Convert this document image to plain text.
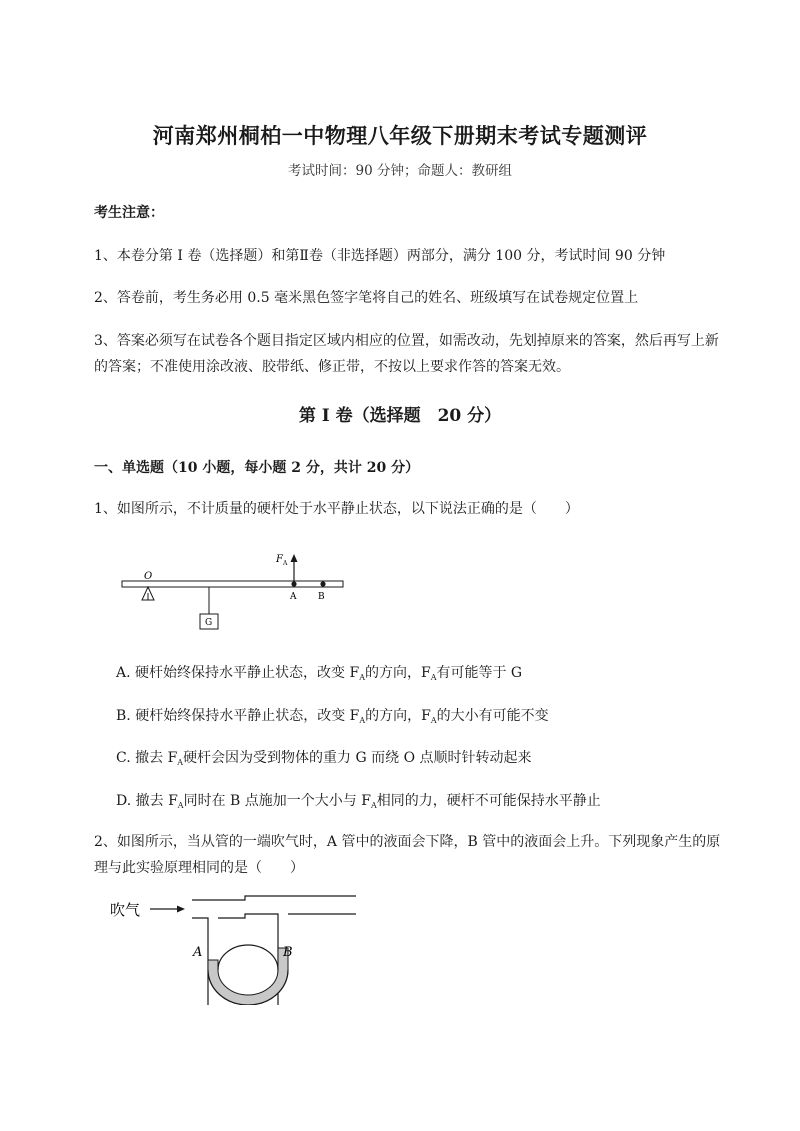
河南郑州桐柏一中物理八年级下册期末考试专题测评
考试时间：90 分钟；命题人：教研组
考生注意：
1、本卷分第 I 卷（选择题）和第Ⅱ卷（非选择题）两部分，满分 100 分，考试时间 90 分钟
2、答卷前，考生务必用 0.5 毫米黑色签字笔将自己的姓名、班级填写在试卷规定位置上
3、答案必须写在试卷各个题目指定区域内相应的位置，如需改动，先划掉原来的答案，然后再写上新
的答案；不准使用涂改液、胶带纸、修正带，不按以上要求作答的答案无效。
第 I 卷（选择题　20 分）
一、单选题（10 小题，每小题 2 分，共计 20 分）
1、如图所示，不计质量的硬杆处于水平静止状态，以下说法正确的是（　　）
O
F A
A B
G
A. 硬杆始终保持水平静止状态，改变 $F_A$的方向，$F_A$有可能等于 G
B. 硬杆始终保持水平静止状态，改变 $F_A$的方向，$F_A$的大小有可能不变
C. 撤去 $F_A$硬杆会因为受到物体的重力 G 而绕 O 点顺时针转动起来
D. 撤去 $F_A$同时在 B 点施加一个大小与 $F_A$相同的力，硬杆不可能保持水平静止
2、如图所示，当从管的一端吹气时，A 管中的液面会下降，B 管中的液面会上升。下列现象产生的原
理与此实验原理相同的是（　　）
吹气
A	B
